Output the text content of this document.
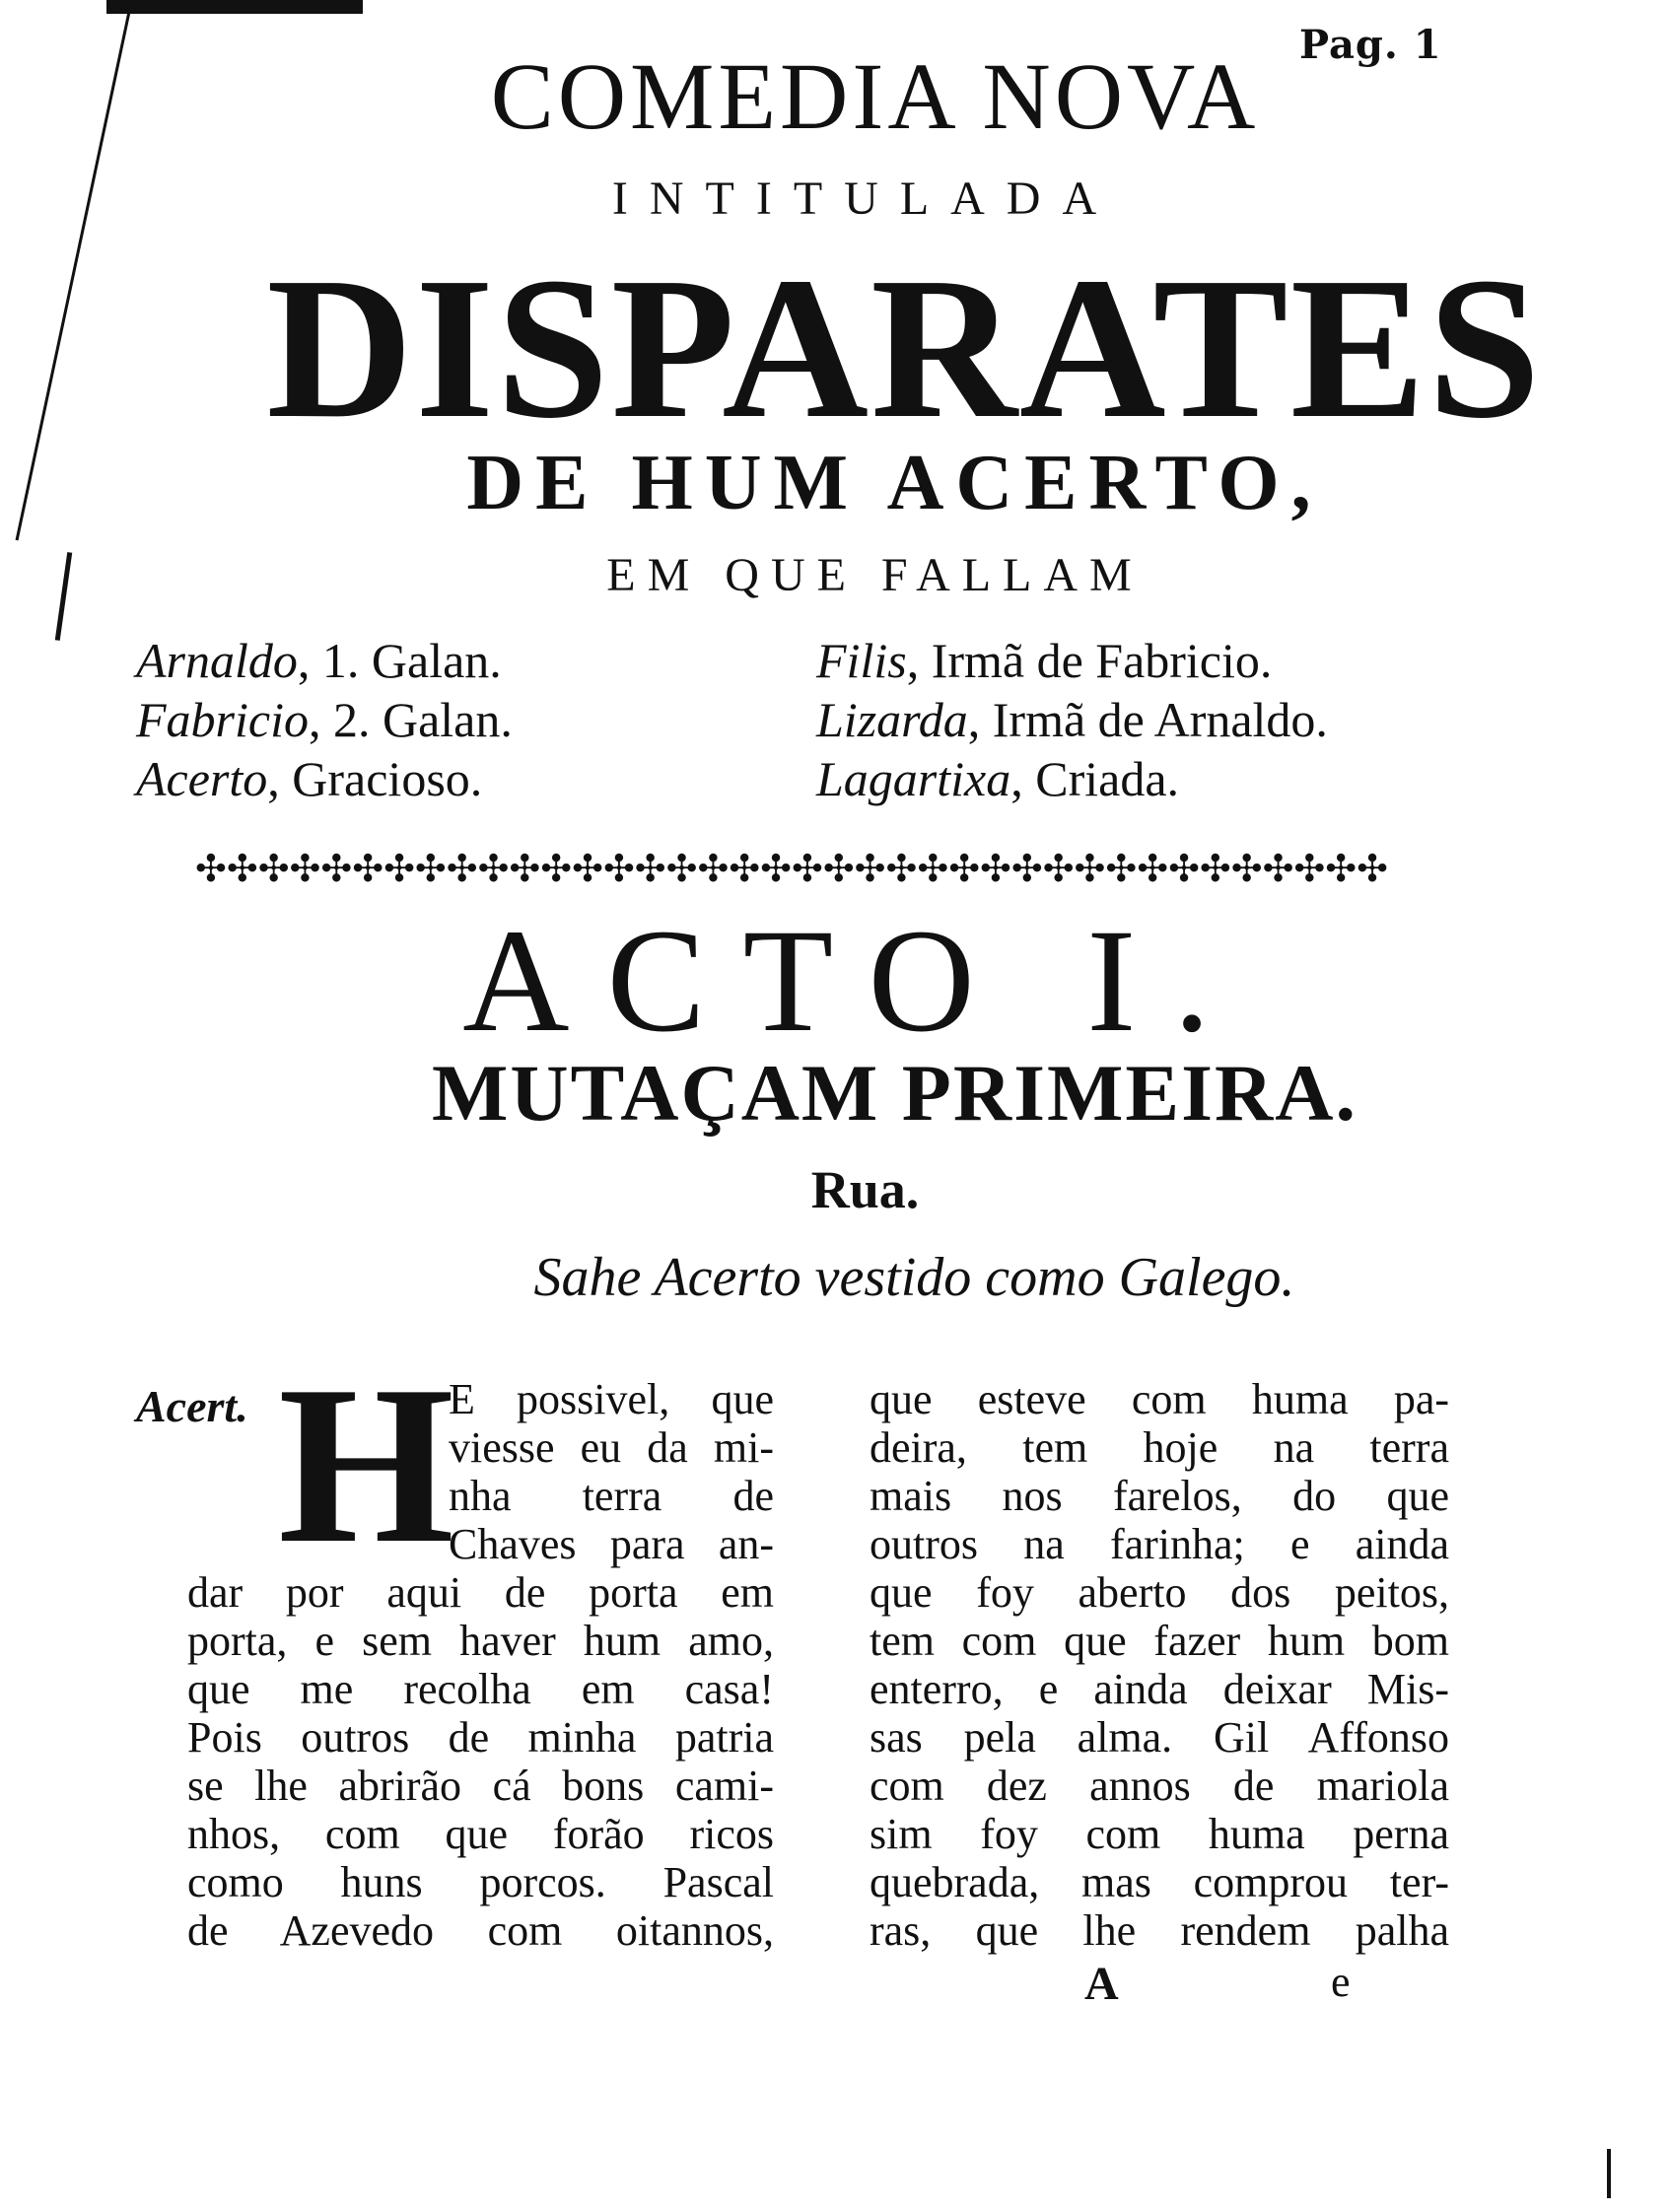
Pag. 1
COMEDIA NOVA
INTITULADA
DISPARATES
DE HUM ACERTO,
EM QUE FALLAM
Arnaldo, 1. Galan.
Fabricio, 2. Galan.
Acerto, Gracioso.
Filis, Irmã de Fabricio.
Lizarda, Irmã de Arnaldo.
Lagartixa, Criada.
✣✣✣✣✣✣✣✣✣✣✣✣✣✣✣✣✣✣✣✣✣✣✣✣✣✣✣✣✣✣✣✣✣✣✣✣✣✣
ACTO I.
MUTAÇAM PRIMEIRA.
Rua.
Sahe Acerto vestido como Galego.
Acert. H
E possivel, que
viesse eu da mi-
nha terra de
Chaves para an-
dar por aqui de porta em
porta, e sem haver hum amo,
que me recolha em casa!
Pois outros de minha patria
se lhe abrirão cá bons cami-
nhos, com que forão ricos
como huns porcos. Pascal
de Azevedo com oitannos,
que esteve com huma pa-
deira, tem hoje na terra
mais nos farelos, do que
outros na farinha; e ainda
que foy aberto dos peitos,
tem com que fazer hum bom
enterro, e ainda deixar Mis-
sas pela alma. Gil Affonso
com dez annos de mariola
sim foy com huma perna
quebrada, mas comprou ter-
ras, que lhe rendem palha
A	e
